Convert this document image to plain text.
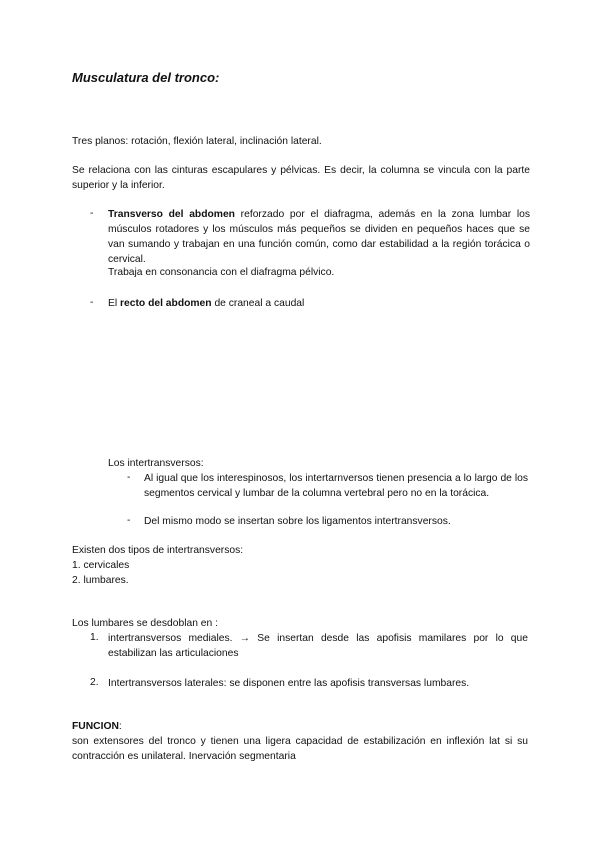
Musculatura del tronco:
Tres planos: rotación, flexión lateral, inclinación lateral.
Se relaciona con las cinturas escapulares y pélvicas. Es decir, la columna se vincula con la parte superior y la inferior.
- Transverso del abdomen reforzado por el diafragma, además en la zona lumbar los músculos rotadores y los músculos más pequeños se dividen en pequeños haces que se van sumando y trabajan en una función común, como dar estabilidad a la región torácica o cervical.
Trabaja en consonancia con el diafragma pélvico.
- El recto del abdomen de craneal a caudal
Los intertransversos:
- Al igual que los interespinosos, los intertarnversos tienen presencia a lo largo de los segmentos cervical y lumbar de la columna vertebral pero no en la torácica.
- Del mismo modo se insertan sobre los ligamentos intertransversos.
Existen dos tipos de intertransversos:
1. cervicales
2. lumbares.
Los lumbares se desdoblan en :
1. intertransversos mediales. → Se insertan desde las apofisis mamilares por lo que estabilizan las articulaciones
2. Intertransversos laterales: se disponen entre las apofisis transversas lumbares.
FUNCION:
son extensores del tronco y tienen una ligera capacidad de estabilización en inflexión lat si su contracción es unilateral. Inervación segmentaria
